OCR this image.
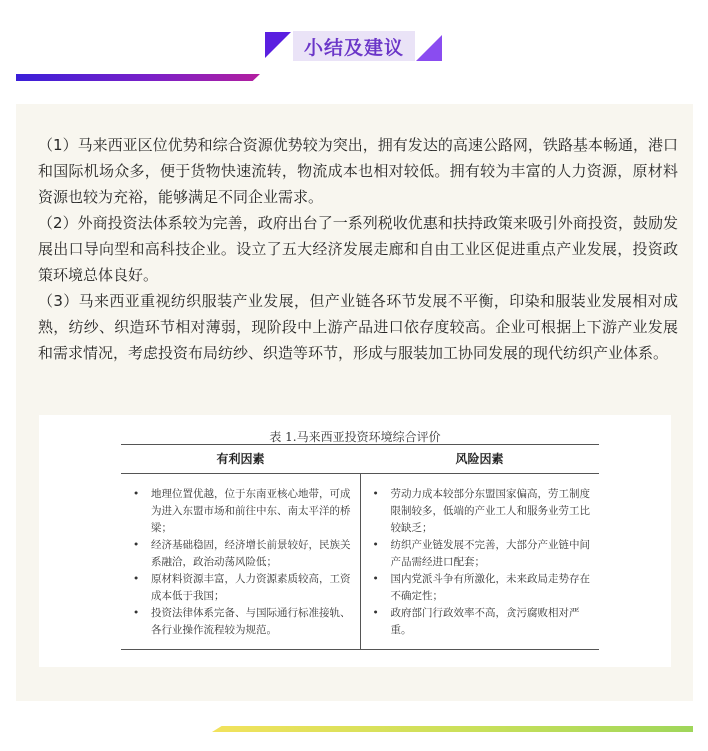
小结及建议

（1）马来西亚区位优势和综合资源优势较为突出，拥有发达的高速公路网，铁路基本畅通，港口和国际机场众多，便于货物快速流转，物流成本也相对较低。拥有较为丰富的人力资源，原材料资源也较为充裕，能够满足不同企业需求。

（2）外商投资法体系较为完善，政府出台了一系列税收优惠和扶持政策来吸引外商投资，鼓励发展出口导向型和高科技企业。设立了五大经济发展走廊和自由工业区促进重点产业发展，投资政策环境总体良好。

（3）马来西亚重视纺织服装产业发展，但产业链各环节发展不平衡，印染和服装业发展相对成熟，纺纱、织造环节相对薄弱，现阶段中上游产品进口依存度较高。企业可根据上下游产业发展和需求情况，考虑投资布局纺纱、织造等环节，形成与服装加工协同发展的现代纺织产业体系。

表 1.马来西亚投资环境综合评价
有利因素	风险因素
• 地理位置优越，位于东南亚核心地带，可成为进入东盟市场和前往中东、南太平洋的桥梁；
• 经济基础稳固，经济增长前景较好，民族关系融洽，政治动荡风险低；
• 原材料资源丰富，人力资源素质较高，工资成本低于我国；
• 投资法律体系完备、与国际通行标准接轨、各行业操作流程较为规范。
• 劳动力成本较部分东盟国家偏高，劳工制度限制较多，低端的产业工人和服务业劳工比较缺乏；
• 纺织产业链发展不完善，大部分产业链中间产品需经进口配套；
• 国内党派斗争有所激化，未来政局走势存在不确定性；
• 政府部门行政效率不高，贪污腐败相对严重。
